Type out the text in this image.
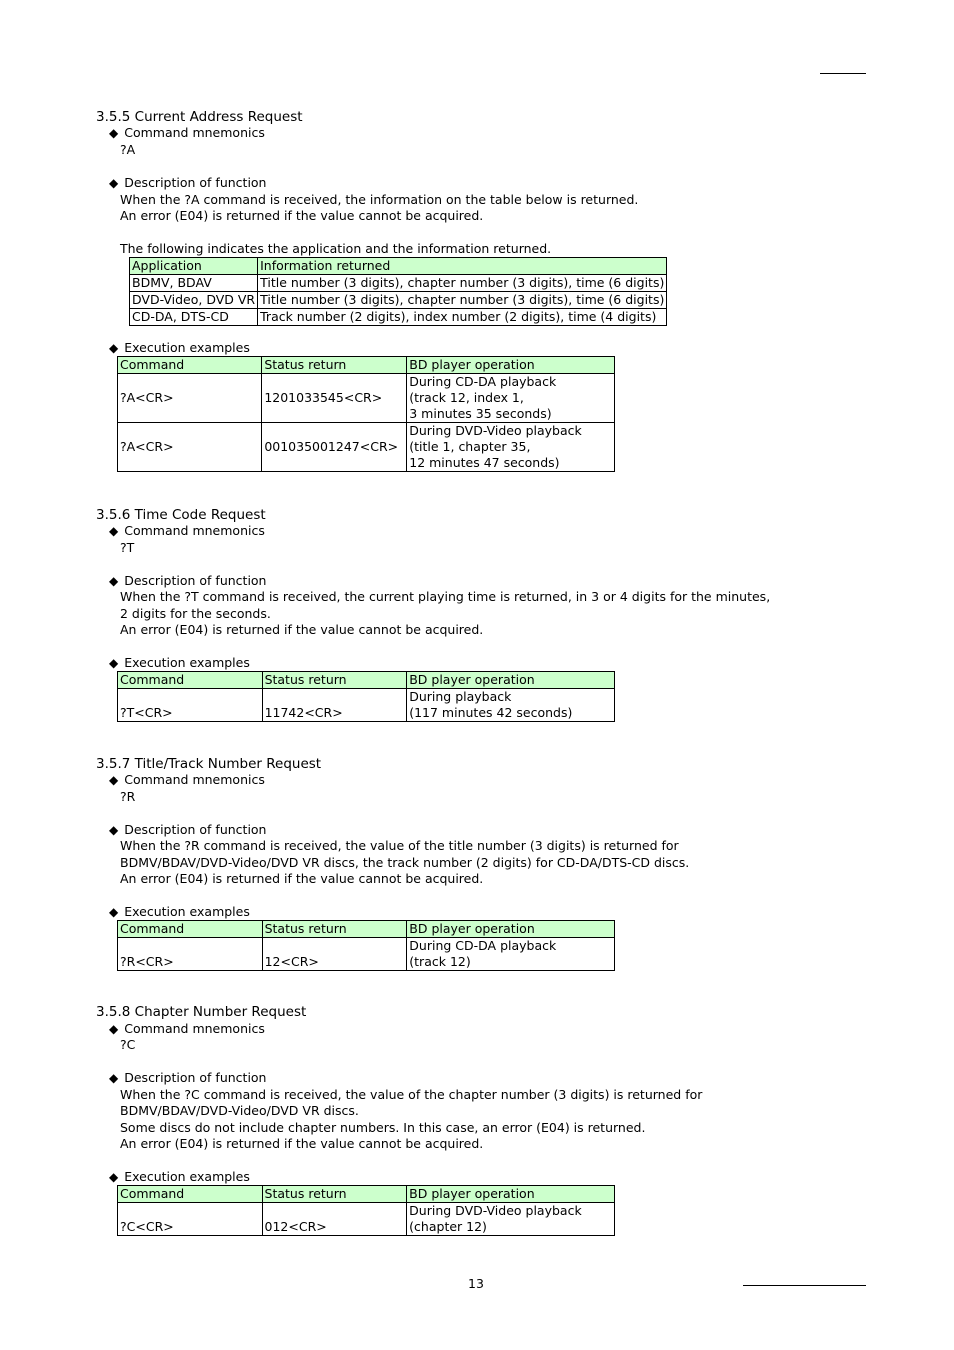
3.5.5 Current Address Request
◆ Command mnemonics
?A
◆ Description of function
When the ?A command is received, the information on the table below is returned.
An error (E04) is returned if the value cannot be acquired.
The following indicates the application and the information returned.
Application	Information returned
BDMV, BDAV	Title number (3 digits), chapter number (3 digits), time (6 digits)
DVD-Video, DVD VR	Title number (3 digits), chapter number (3 digits), time (6 digits)
CD-DA, DTS-CD	Track number (2 digits), index number (2 digits), time (4 digits)
◆ Execution examples
Command	Status return	BD player operation
?A<CR>	1201033545<CR>	During CD-DA playback
(track 12, index 1,
3 minutes 35 seconds)

?A<CR>	001035001247<CR>	During DVD-Video playback
(title 1, chapter 35,
12 minutes 47 seconds)
3.5.6 Time Code Request
◆ Command mnemonics
?T
◆ Description of function
When the ?T command is received, the current playing time is returned, in 3 or 4 digits for the minutes,
2 digits for the seconds.
An error (E04) is returned if the value cannot be acquired.
◆ Execution examples
Command	Status return	BD player operation
?T<CR>	11742<CR>	During playback
(117 minutes 42 seconds)
3.5.7 Title/Track Number Request
◆ Command mnemonics
?R
◆ Description of function
When the ?R command is received, the value of the title number (3 digits) is returned for
BDMV/BDAV/DVD-Video/DVD VR discs, the track number (2 digits) for CD-DA/DTS-CD discs.
An error (E04) is returned if the value cannot be acquired.
◆ Execution examples
Command	Status return	BD player operation
?R<CR>	12<CR>	During CD-DA playback
(track 12)
3.5.8 Chapter Number Request
◆ Command mnemonics
?C
◆ Description of function
When the ?C command is received, the value of the chapter number (3 digits) is returned for
BDMV/BDAV/DVD-Video/DVD VR discs.
Some discs do not include chapter numbers. In this case, an error (E04) is returned.
An error (E04) is returned if the value cannot be acquired.
◆ Execution examples
Command	Status return	BD player operation
?C<CR>	012<CR>	During DVD-Video playback
(chapter 12)
13
